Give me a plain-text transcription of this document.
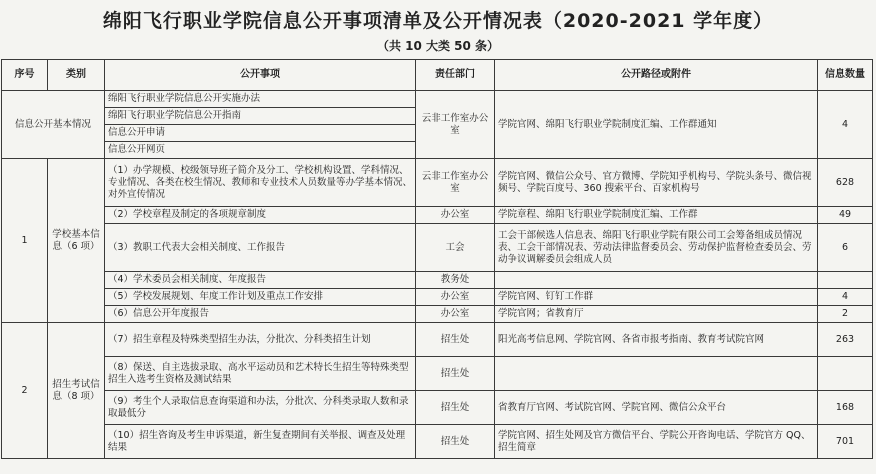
绵阳飞行职业学院信息公开事项清单及公开情况表（2020-2021 学年度）
（共 10 大类 50 条）
序号	类别	公开事项	责任部门	公开路径或附件	信息数量
信息公开基本情况		绵阳飞行职业学院信息公开实施办法	云非工作室办公室	学院官网、绵阳飞行职业学院制度汇编、工作群通知	4
		绵阳飞行职业学院信息公开指南			
		信息公开申请			
		信息公开网页			
1	学校基本信息（6 项）	（1）办学规模、校级领导班子简介及分工、学校机构设置、学科情况、专业情况、各类在校生情况、教师和专业技术人员数量等办学基本情况、对外宣传情况	云非工作室办公室	学院官网、微信公众号、官方微博、学院知乎机构号、学院头条号、微信视频号、学院百度号、360 搜索平台、百家机构号	628
		（2）学校章程及制定的各项规章制度	办公室	学院章程、绵阳飞行职业学院制度汇编、工作群	49
		（3）教职工代表大会相关制度、工作报告	工会	工会干部候选人信息表、绵阳飞行职业学院有限公司工会筹备组成员情况表、工会干部情况表、劳动法律监督委员会、劳动保护监督检查委员会、劳动争议调解委员会组成人员	6
		（4）学术委员会相关制度、年度报告	教务处		
		（5）学校发展规划、年度工作计划及重点工作安排	办公室	学院官网、钉钉工作群	4
		（6）信息公开年度报告	办公室	学院官网；省教育厅	2
2	招生考试信息（8 项）	（7）招生章程及特殊类型招生办法，分批次、分科类招生计划	招生处	阳光高考信息网、学院官网、各省市报考指南、教育考试院官网	263
		（8）保送、自主选拔录取、高水平运动员和艺术特长生招生等特殊类型招生入选考生资格及测试结果	招生处		
		（9）考生个人录取信息查询渠道和办法，分批次、分科类录取人数和录取最低分	招生处	省教育厅官网、考试院官网、学院官网、微信公众平台	168
		（10）招生咨询及考生申诉渠道，新生复查期间有关举报、调查及处理结果	招生处	学院官网、招生处网及官方微信平台、学院公开咨询电话、学院官方 QQ、招生简章	701
